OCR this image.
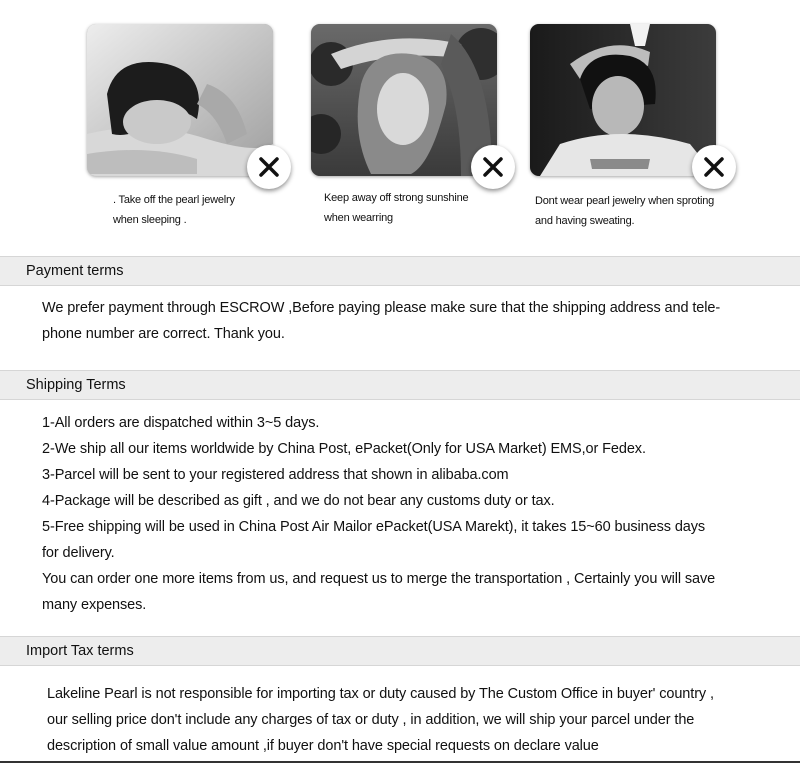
. Take off the pearl jewelry
when sleeping .
Keep away off strong sunshine
when wearring
Dont wear pearl jewelry when sproting
and having sweating.
Payment terms
We prefer payment through ESCROW ,Before paying please make sure that the shipping address and tele-
phone number are correct. Thank you.
Shipping Terms
1-All orders are dispatched within 3~5 days.
2-We ship all our items worldwide by China Post, ePacket(Only for USA Market) EMS,or Fedex.
3-Parcel will be sent to your registered address that shown in alibaba.com
4-Package will be described as gift , and we do not bear any customs duty or tax.
5-Free shipping will be used in China Post Air Mailor ePacket(USA Marekt), it takes 15~60 business days
for delivery.
You can order one more items from us, and request us to merge the transportation , Certainly you will save
many expenses.
Import Tax terms
Lakeline Pearl is not responsible for importing tax or duty caused by The Custom Office in buyer' country ,
our selling price don't include any charges of tax or duty , in addition, we will ship your parcel under the
description of small value amount ,if buyer don't have special requests on declare value
